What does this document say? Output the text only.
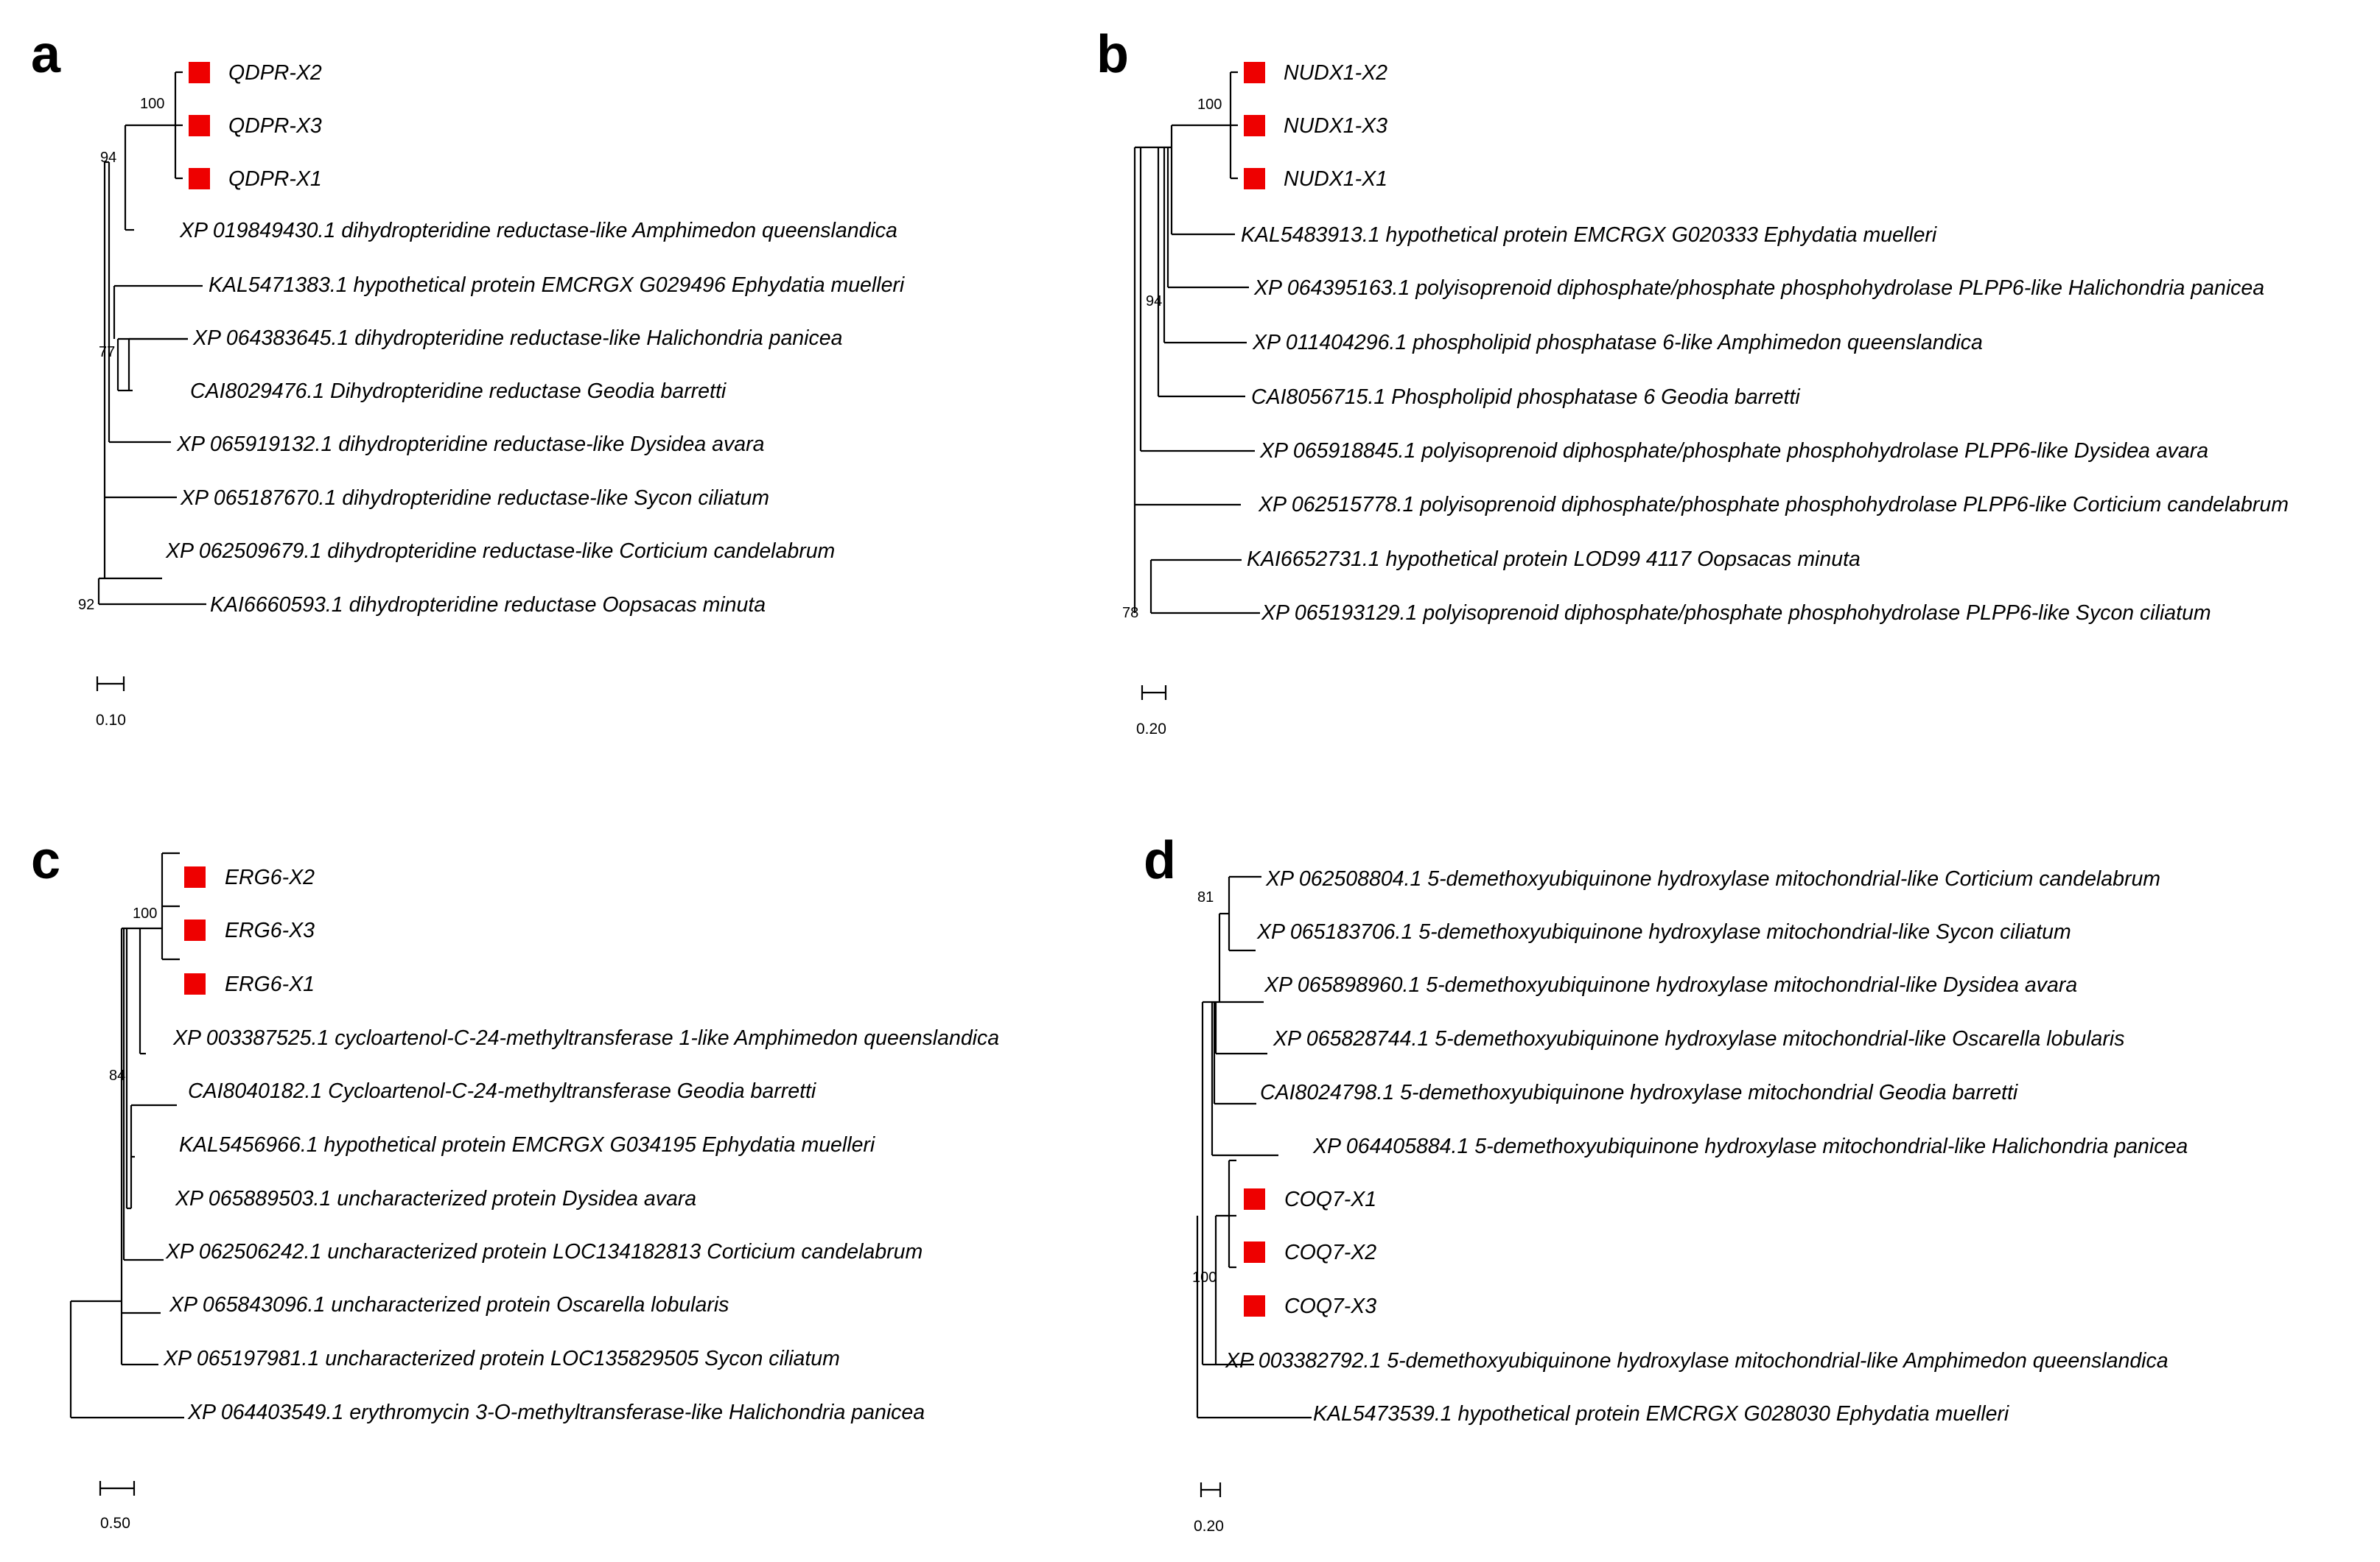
a	QDPR-X2
QDPR-X3
QDPR-X1
XP 019849430.1 dihydropteridine reductase-like Amphimedon queenslandica
KAL5471383.1 hypothetical protein EMCRGX G029496 Ephydatia muelleri
XP 064383645.1 dihydropteridine reductase-like Halichondria panicea
CAI8029476.1 Dihydropteridine reductase Geodia barretti
XP 065919132.1 dihydropteridine reductase-like Dysidea avara
XP 065187670.1 dihydropteridine reductase-like Sycon ciliatum
XP 062509679.1 dihydropteridine reductase-like Corticium candelabrum
KAI6660593.1 dihydropteridine reductase Oopsacas minuta
100
94
77
92
0.10
b	NUDX1-X2
NUDX1-X3
NUDX1-X1
KAL5483913.1 hypothetical protein EMCRGX G020333 Ephydatia muelleri
XP 064395163.1 polyisoprenoid diphosphate/phosphate phosphohydrolase PLPP6-like Halichondria panicea
XP 011404296.1 phospholipid phosphatase 6-like Amphimedon queenslandica
CAI8056715.1 Phospholipid phosphatase 6 Geodia barretti
XP 065918845.1 polyisoprenoid diphosphate/phosphate phosphohydrolase PLPP6-like Dysidea avara
XP 062515778.1 polyisoprenoid diphosphate/phosphate phosphohydrolase PLPP6-like Corticium candelabrum
KAI6652731.1 hypothetical protein LOD99 4117 Oopsacas minuta
XP 065193129.1 polyisoprenoid diphosphate/phosphate phosphohydrolase PLPP6-like Sycon ciliatum
100
94
78
0.20
c	ERG6-X2
ERG6-X3
ERG6-X1
XP 003387525.1 cycloartenol-C-24-methyltransferase 1-like Amphimedon queenslandica
CAI8040182.1 Cycloartenol-C-24-methyltransferase Geodia barretti
KAL5456966.1 hypothetical protein EMCRGX G034195 Ephydatia muelleri
XP 065889503.1 uncharacterized protein Dysidea avara
XP 062506242.1 uncharacterized protein LOC134182813 Corticium candelabrum
XP 065843096.1 uncharacterized protein Oscarella lobularis
XP 065197981.1 uncharacterized protein LOC135829505 Sycon ciliatum
XP 064403549.1 erythromycin 3-O-methyltransferase-like Halichondria panicea
100
84
0.50
d	XP 062508804.1 5-demethoxyubiquinone hydroxylase mitochondrial-like Corticium candelabrum
XP 065183706.1 5-demethoxyubiquinone hydroxylase mitochondrial-like Sycon ciliatum
XP 065898960.1 5-demethoxyubiquinone hydroxylase mitochondrial-like Dysidea avara
XP 065828744.1 5-demethoxyubiquinone hydroxylase mitochondrial-like Oscarella lobularis
CAI8024798.1 5-demethoxyubiquinone hydroxylase mitochondrial Geodia barretti
XP 064405884.1 5-demethoxyubiquinone hydroxylase mitochondrial-like Halichondria panicea
COQ7-X1
COQ7-X2
COQ7-X3
XP 003382792.1 5-demethoxyubiquinone hydroxylase mitochondrial-like Amphimedon queenslandica
KAL5473539.1 hypothetical protein EMCRGX G028030 Ephydatia muelleri
81
100
0.20
